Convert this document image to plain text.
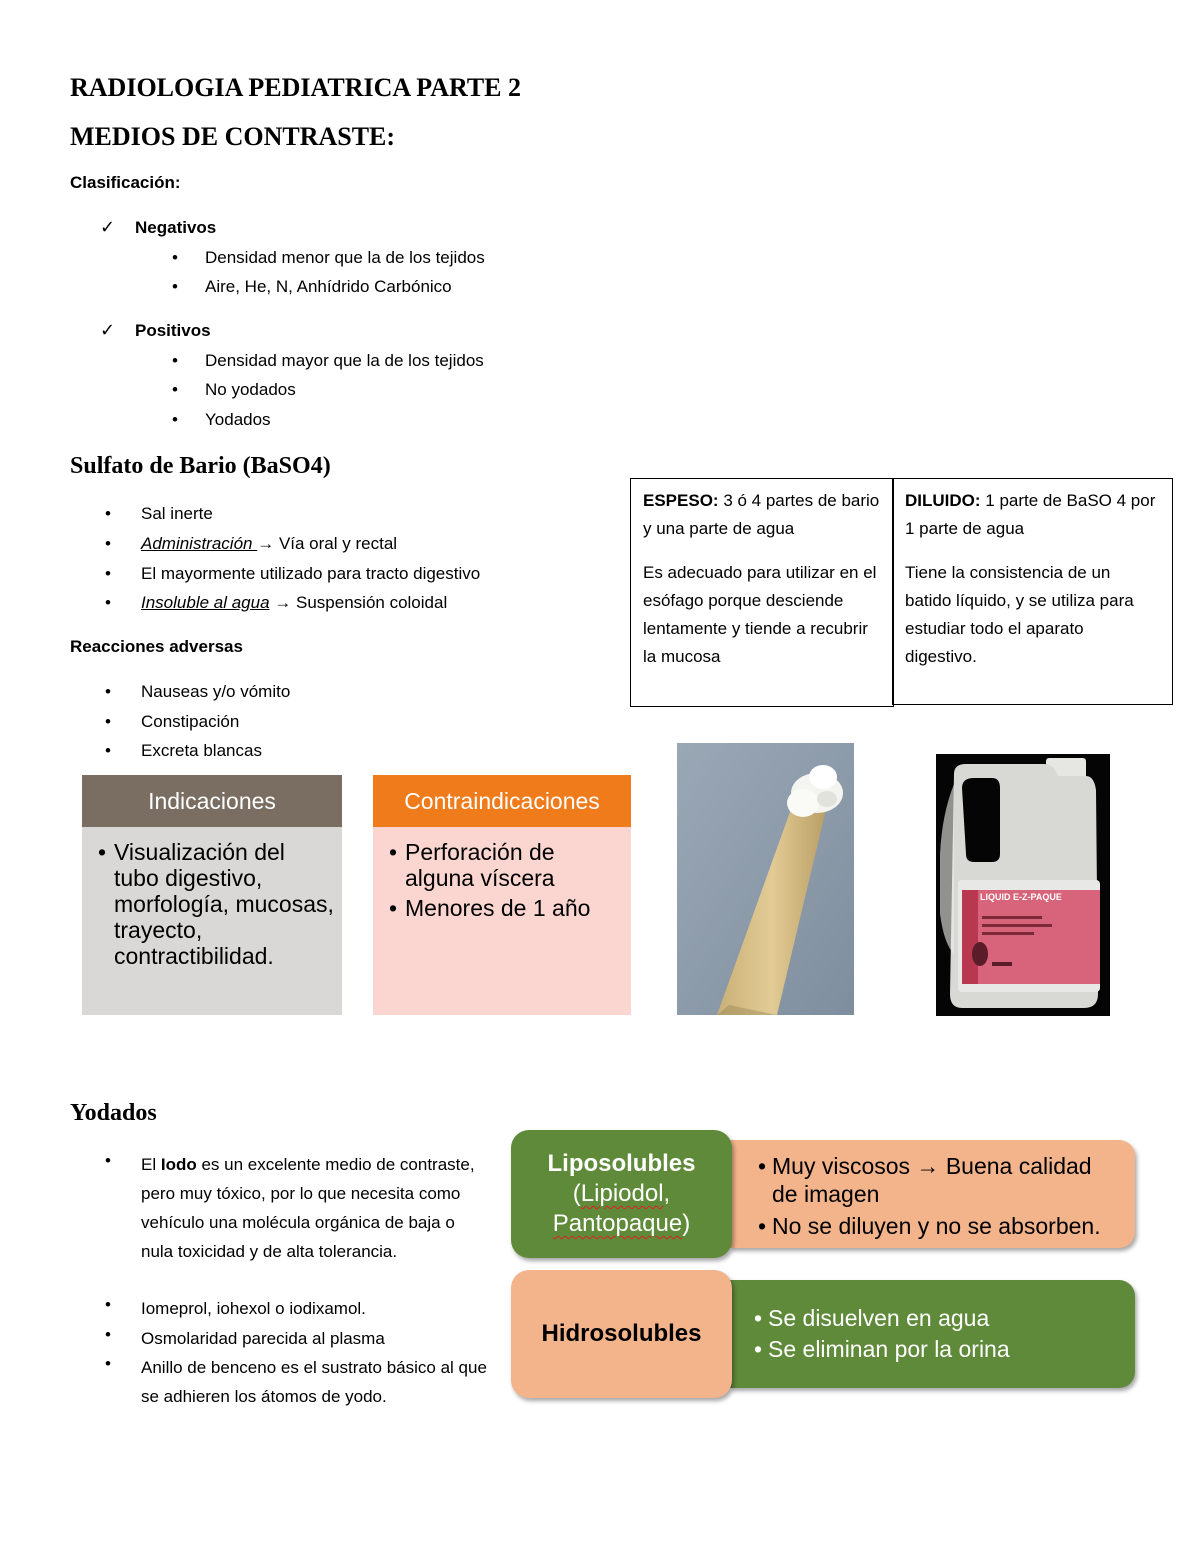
RADIOLOGIA PEDIATRICA PARTE 2
MEDIOS DE CONTRASTE:
Clasificación:
✓ Negativos
• Densidad menor que la de los tejidos
• Aire, He, N, Anhídrido Carbónico
✓ Positivos
• Densidad mayor que la de los tejidos
• No yodados
• Yodados
Sulfato de Bario (BaSO4)
• Sal inerte
• Administración → Vía oral y rectal
• El mayormente utilizado para tracto digestivo
• Insoluble al agua → Suspensión coloidal
Reacciones adversas
• Nauseas y/o vómito
• Constipación
• Excreta blancas

ESPESO: 3 ó 4 partes de bario y una parte de agua

Es adecuado para utilizar en el esófago porque desciende lentamente y tiende a recubrir la mucosa

DILUIDO: 1 parte de BaSO 4 por 1 parte de agua

Tiene la consistencia de un batido líquido, y se utiliza para estudiar todo el aparato digestivo.

Indicaciones
• Visualización del tubo digestivo, morfología, mucosas, trayecto, contractibilidad.
Contraindicaciones
• Perforación de alguna víscera
• Menores de 1 año	LIQUID E-Z-PAQUE
Yodados
• El Iodo es un excelente medio de contraste, pero muy tóxico, por lo que necesita como vehículo una molécula orgánica de baja o nula toxicidad y de alta tolerancia.
• Iomeprol, iohexol o iodixamol.
• Osmolaridad parecida al plasma
• Anillo de benceno es el sustrato básico al que se adhieren los átomos de yodo.
• Muy viscosos → Buena calidad de imagen
• No se diluyen y no se absorben.
Liposolubles
(Lipiodol,
Pantopaque)
• Se disuelven en agua
• Se eliminan por la orina
Hidrosolubles
